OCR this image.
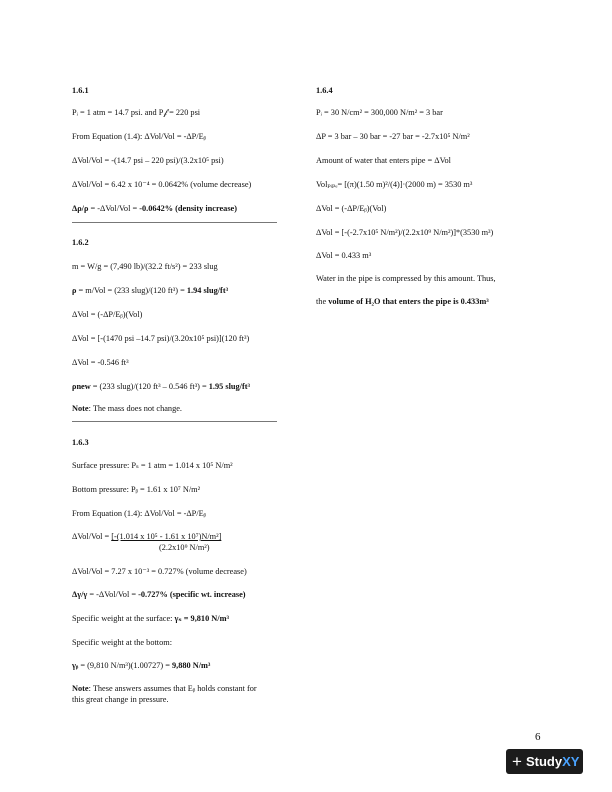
1.6.1
Pᵢ = 1 atm = 14.7 psi. and P𝒻 = 220 psi
From Equation (1.4): ΔVol/Vol = -ΔP/Eᵦ
ΔVol/Vol = -(14.7 psi – 220 psi)/(3.2x10⁵ psi)
ΔVol/Vol = 6.42 x 10⁻⁴ = 0.0642% (volume decrease)
Δρ/ρ = -ΔVol/Vol = -0.0642% (density increase)
1.6.2
m = W/g = (7,490 lb)/(32.2 ft/s²) = 233 slug
ρ = m/Vol = (233 slug)/(120 ft³) = 1.94 slug/ft³
ΔVol = (-ΔP/Eᵦ)(Vol)
ΔVol = [-(1470 psi –14.7 psi)/(3.20x10⁵ psi)](120 ft³)
ΔVol = -0.546 ft³
ρnew = (233 slug)/(120 ft³ – 0.546 ft³) = 1.95 slug/ft³
Note: The mass does not change.
1.6.3
Surface pressure: Pₛ = 1 atm = 1.014 x 10⁵ N/m²
Bottom pressure: Pᵦ = 1.61 x 10⁷ N/m²
From Equation (1.4): ΔVol/Vol = -ΔP/Eᵦ
ΔVol/Vol = [-(1.014 x 10⁵ - 1.61 x 10⁷)N/m²]
(2.2x10⁹ N/m²)
ΔVol/Vol = 7.27 x 10⁻³ = 0.727% (volume decrease)
Δγ/γ = -ΔVol/Vol = -0.727% (specific wt. increase)
Specific weight at the surface: γₛ = 9,810 N/m³
Specific weight at the bottom:
γᵦ = (9,810 N/m³)(1.00727) = 9,880 N/m³
Note: These answers assumes that Eᵦ holds constant for
this great change in pressure.
1.6.4
Pᵢ = 30 N/cm² = 300,000 N/m² = 3 bar
ΔP = 3 bar – 30 bar = -27 bar = -2.7x10⁵ N/m²
Amount of water that enters pipe = ΔVol
Volₚᵢₚₑ= [(π)(1.50 m)²/(4)]·(2000 m) = 3530 m³
ΔVol = (-ΔP/Eᵦ)(Vol)
ΔVol = [-(-2.7x10⁵ N/m²)/(2.2x10⁹ N/m²)]*(3530 m³)
ΔVol = 0.433 m³
Water in the pipe is compressed by this amount. Thus,
the volume of H₂O that enters the pipe is 0.433m³
6
+ Study XY
